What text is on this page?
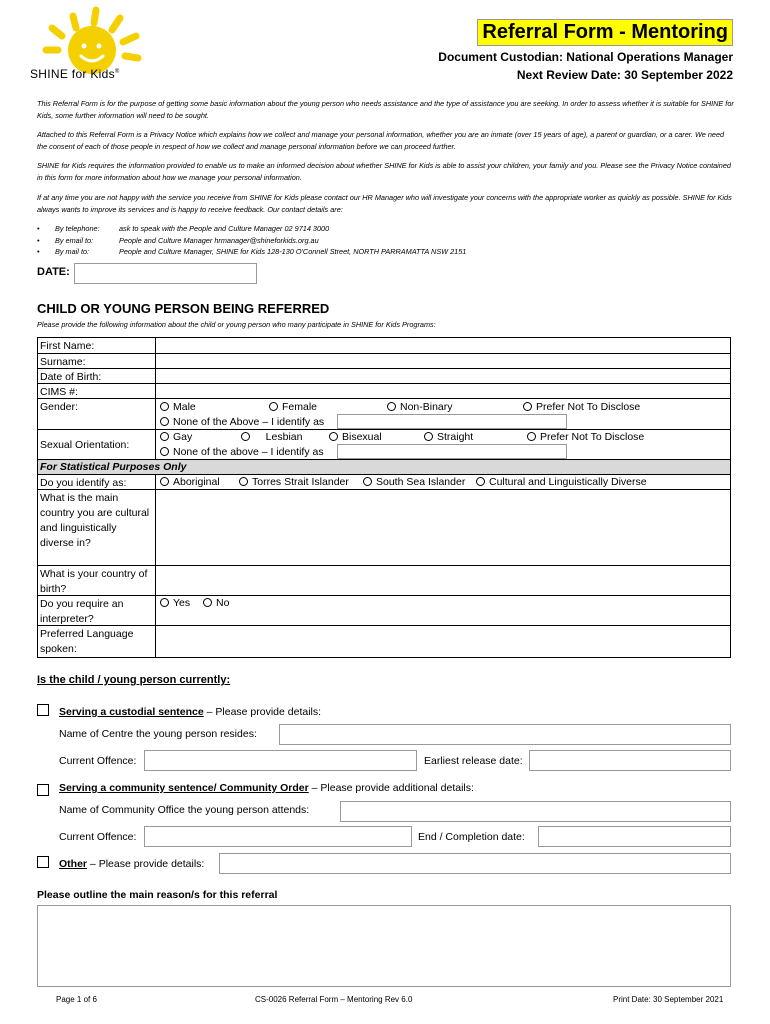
SHINE for Kids®
Referral Form - Mentoring
Document Custodian: National Operations Manager
Next Review Date: 30 September 2022
This Referral Form is for the purpose of getting some basic information about the young person who needs assistance and the type of assistance you are seeking. In order to assess whether it is suitable for SHINE for Kids, some further information will need to be sought.
Attached to this Referral Form is a Privacy Notice which explains how we collect and manage your personal information, whether you are an inmate (over 15 years of age), a parent or guardian, or a carer. We need the consent of each of those people in respect of how we collect and manage personal information before we can proceed further.
SHINE for Kids requires the information provided to enable us to make an informed decision about whether SHINE for Kids is able to assist your children, your family and you. Please see the Privacy Notice contained in this form for more information about how we manage your personal information.
If at any time you are not happy with the service you receive from SHINE for Kids please contact our HR Manager who will investigate your concerns with the appropriate worker as quickly as possible. SHINE for Kids always wants to improve its services and is happy to receive feedback. Our contact details are:
•	By telephone:	ask to speak with the People and Culture Manager 02 9714 3000
•	By email to:	People and Culture Manager hrmanager@shineforkids.org.au
•	By mail to:	People and Culture Manager, SHINE for Kids 128-130 O'Connell Street, NORTH PARRAMATTA NSW 2151
DATE:
CHILD OR YOUNG PERSON BEING REFERRED
Please provide the following information about the child or young person who many participate in SHINE for Kids Programs:
First Name:
Surname:
Date of Birth:
CIMS #:
Gender:	Male	Female	Non-Binary	Prefer Not To Disclose
None of the Above – I identify as
Sexual Orientation:
Gay	Lesbian	Bisexual	Straight	Prefer Not To Disclose
None of the above – I identify as
For Statistical Purposes Only
Do you identify as:	Aboriginal	Torres Strait Islander	South Sea Islander	Cultural and Linguistically Diverse
What is the main country you are cultural and linguistically diverse in?
What is your country of birth?
Do you require an interpreter?
Yes	No
Preferred Language spoken:
Is the child / young person currently:
Serving a custodial sentence – Please provide details:
Name of Centre the young person resides:
Current Offence:	Earliest release date:
Serving a community sentence/ Community Order – Please provide additional details:
Name of Community Office the young person attends:
Current Offence:	End / Completion date:
Other – Please provide details:
Please outline the main reason/s for this referral
Page 1 of 6	CS-0026 Referral Form – Mentoring Rev 6.0	Print Date: 30 September 2021
